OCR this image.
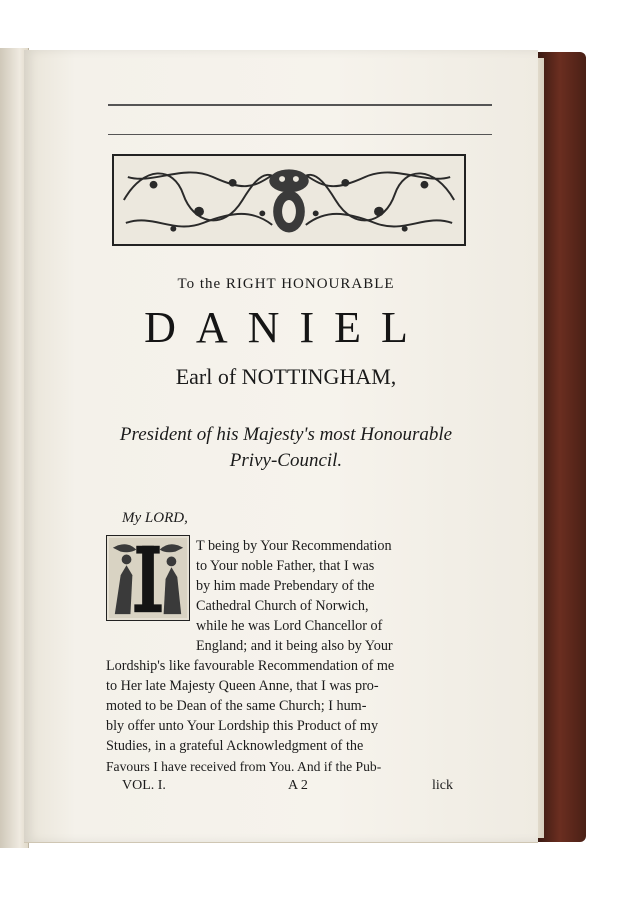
To the RIGHT HONOURABLE
DANIEL
Earl of NOTTINGHAM,
President of his Majesty's most Honourable
Privy-Council.
My LORD,
T being by Your Recommendation
to Your noble Father, that I was
by him made Prebendary of the
Cathedral Church of Norwich,
while he was Lord Chancellor of
England; and it being also by Your
Lordship's like favourable Recommendation of me
to Her late Majesty Queen Anne, that I was pro-
moted to be Dean of the same Church; I hum-
bly offer unto Your Lordship this Product of my
Studies, in a grateful Acknowledgment of the
Favours I have received from You. And if the Pub-
VOL. I.	A 2	lick
